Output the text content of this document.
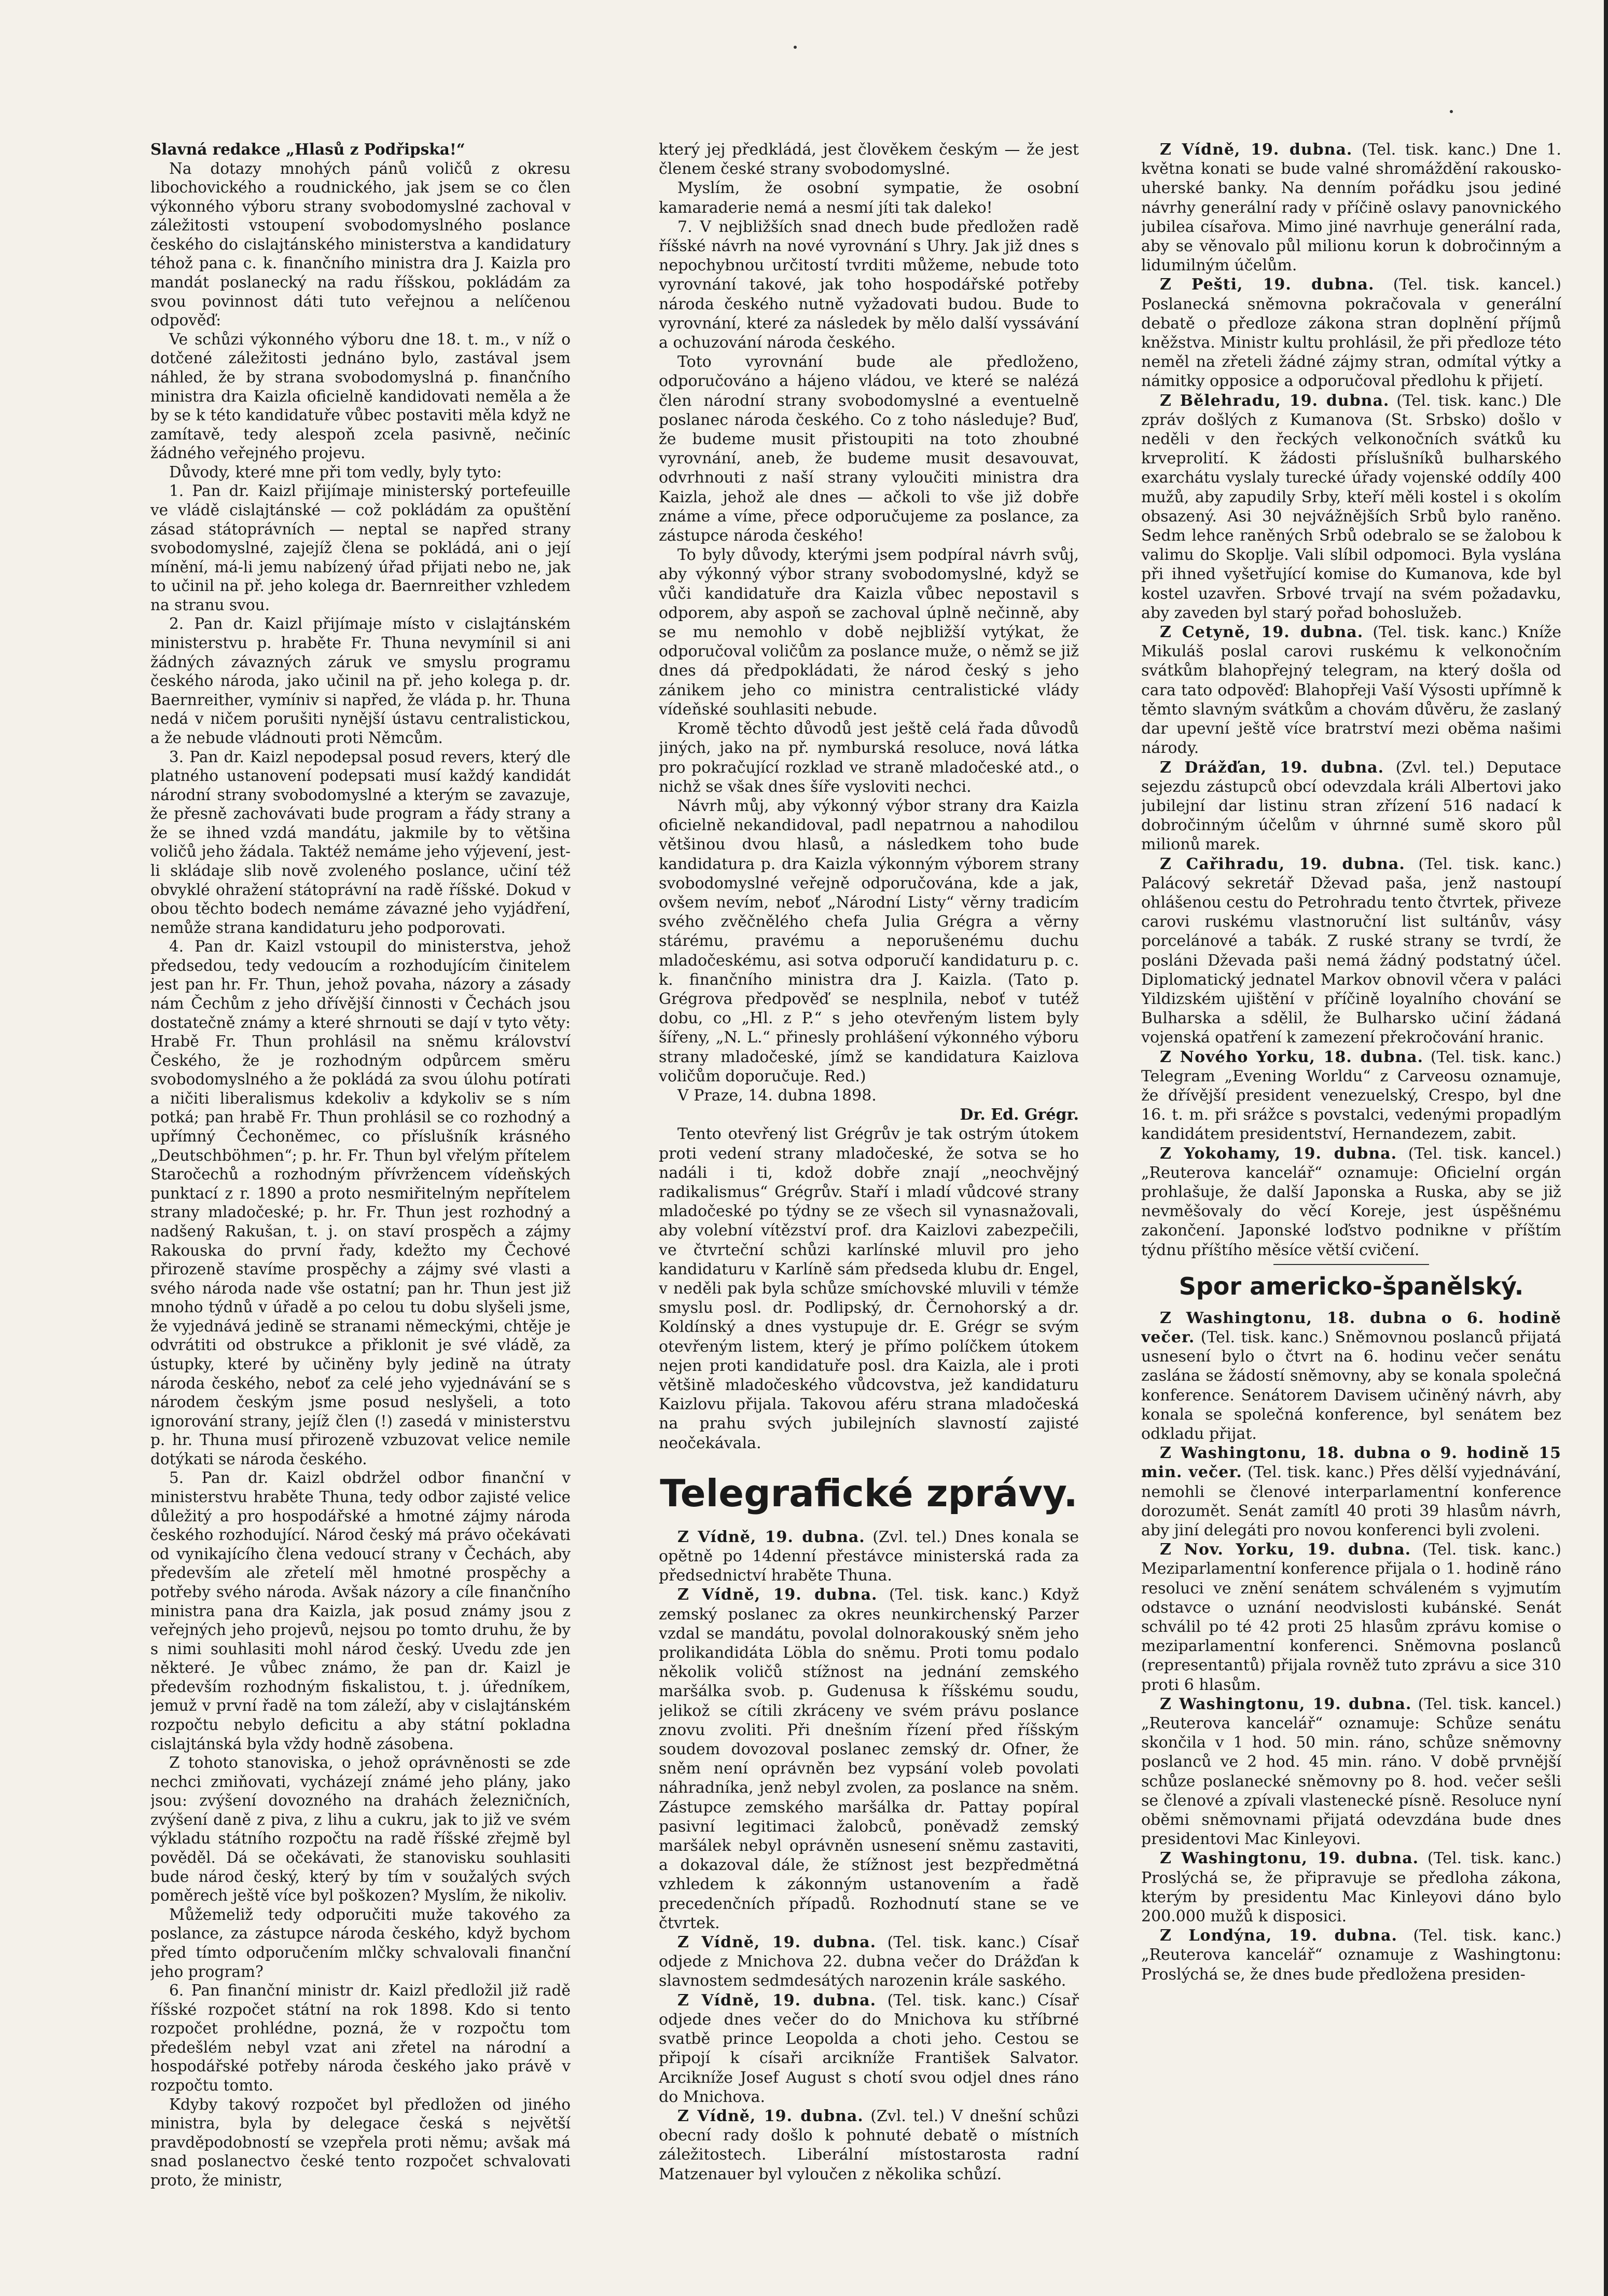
Slavná redakce „Hlasů z Podřipska!“

Na dotazy mnohých pánů voličů z okresu libochovického a roudnického, jak jsem se co člen výkonného výboru strany svobodomyslné zachoval v záležitosti vstoupení svobodomyslného poslance českého do cislajtánského ministerstva a kandidatury téhož pana c. k. finančního ministra dra J. Kaizla pro mandát poslanecký na radu říšskou, pokládám za svou povinnost dáti tuto veřejnou a nelíčenou odpověď:

Ve schůzi výkonného výboru dne 18. t. m., v níž o dotčené záležitosti jednáno bylo, zastával jsem náhled, že by strana svobodomyslná p. finančního ministra dra Kaizla oficielně kandidovati neměla a že by se k této kandidatuře vůbec postaviti měla když ne zamítavě, tedy alespoň zcela pasivně, nečiníc žádného veřejného projevu.

Důvody, které mne při tom vedly, byly tyto:

1. Pan dr. Kaizl přijímaje ministerský portefeuille ve vládě cislajtánské — což pokládám za opuštění zásad státoprávních — neptal se napřed strany svobodomyslné, zajejíž člena se pokládá, ani o její mínění, má-li jemu nabízený úřad přijati nebo ne, jak to učinil na př. jeho kolega dr. Baernreither vzhledem na stranu svou.

2. Pan dr. Kaizl přijímaje místo v cislajtánském ministerstvu p. hraběte Fr. Thuna nevymínil si ani žádných závazných záruk ve smyslu programu českého národa, jako učinil na př. jeho kolega p. dr. Baernreither, vymíniv si napřed, že vláda p. hr. Thuna nedá v ničem porušiti nynější ústavu centralistickou, a že nebude vládnouti proti Němcům.

3. Pan dr. Kaizl nepodepsal posud revers, který dle platného ustanovení podepsati musí každý kandidát národní strany svobodomyslné a kterým se zavazuje, že přesně zachovávati bude program a řády strany a že se ihned vzdá mandátu, jakmile by to většina voličů jeho žádala. Taktéž nemáme jeho výjevení, jest-li skládaje slib nově zvoleného poslance, učiní též obvyklé ohražení státoprávní na radě říšské. Dokud v obou těchto bodech nemáme závazné jeho vyjádření, nemůže strana kandidaturu jeho podporovati.

4. Pan dr. Kaizl vstoupil do ministerstva, jehož předsedou, tedy vedoucím a rozhodujícím činitelem jest pan hr. Fr. Thun, jehož povaha, názory a zásady nám Čechům z jeho dřívější činnosti v Čechách jsou dostatečně známy a které shrnouti se dají v tyto věty: Hrabě Fr. Thun prohlásil na sněmu království Českého, že je rozhodným odpůrcem směru svobodomyslného a že pokládá za svou úlohu potírati a ničiti liberalismus kdekoliv a kdykoliv se s ním potká; pan hrabě Fr. Thun prohlásil se co rozhodný a upřímný Čechoněmec, co příslušník krásného „Deutschböhmen“; p. hr. Fr. Thun byl vřelým přítelem Staročechů a rozhodným přívržencem vídeňských punktací z r. 1890 a proto nesmiřitelným nepřítelem strany mladočeské; p. hr. Fr. Thun jest rozhodný a nadšený Rakušan, t. j. on staví prospěch a zájmy Rakouska do první řady, kdežto my Čechové přirozeně stavíme prospěchy a zájmy své vlasti a svého národa nade vše ostatní; pan hr. Thun jest již mnoho týdnů v úřadě a po celou tu dobu slyšeli jsme, že vyjednává jedině se stranami německými, chtěje je odvrátiti od obstrukce a přiklonit je své vládě, za ústupky, které by učiněny byly jedině na útraty národa českého, neboť za celé jeho vyjednávání se s národem českým jsme posud neslyšeli, a toto ignorování strany, jejíž člen (!) zasedá v ministerstvu p. hr. Thuna musí přirozeně vzbuzovat velice nemile dotýkati se národa českého.

5. Pan dr. Kaizl obdržel odbor finanční v ministerstvu hraběte Thuna, tedy odbor zajisté velice důležitý a pro hospodářské a hmotné zájmy národa českého rozhodující. Národ český má právo očekávati od vynikajícího člena vedoucí strany v Čechách, aby především ale zřetelí měl hmotné prospěchy a potřeby svého národa. Avšak názory a cíle finančního ministra pana dra Kaizla, jak posud známy jsou z veřejných jeho projevů, nejsou po tomto druhu, že by s nimi souhlasiti mohl národ český. Uvedu zde jen některé. Je vůbec známo, že pan dr. Kaizl je především rozhodným fiskalistou, t. j. úředníkem, jemuž v první řadě na tom záleží, aby v cislajtánském rozpočtu nebylo deficitu a aby státní pokladna cislajtánská byla vždy hodně zásobena.

Z tohoto stanoviska, o jehož oprávněnosti se zde nechci zmiňovati, vycházejí známé jeho plány, jako jsou: zvýšení dovozného na drahách železničních, zvýšení daně z piva, z lihu a cukru, jak to již ve svém výkladu státního rozpočtu na radě říšské zřejmě byl pověděl. Dá se očekávati, že stanovisku souhlasiti bude národ český, který by tím v soužalých svých poměrech ještě více byl poškozen? Myslím, že nikoliv.

Můžemeliž tedy odporučiti muže takového za poslance, za zástupce národa českého, když bychom před tímto odporučením mlčky schvalovali finanční jeho program?

6. Pan finanční ministr dr. Kaizl předložil již radě říšské rozpočet státní na rok 1898. Kdo si tento rozpočet prohlédne, pozná, že v rozpočtu tom předešlém nebyl vzat ani zřetel na národní a hospodářské potřeby národa českého jako právě v rozpočtu tomto.

Kdyby takový rozpočet byl předložen od jiného ministra, byla by delegace česká s největší pravděpodobností se vzepřela proti němu; avšak má snad poslanectvo české tento rozpočet schvalovati proto, že ministr,

který jej předkládá, jest člověkem českým — že jest členem české strany svobodomyslné.

Myslím, že osobní sympatie, že osobní kamaraderie nemá a nesmí jíti tak daleko!

7. V nejbližších snad dnech bude předložen radě říšské návrh na nové vyrovnání s Uhry. Jak již dnes s nepochybnou určitostí tvrditi můžeme, nebude toto vyrovnání takové, jak toho hospodářské potřeby národa českého nutně vyžadovati budou. Bude to vyrovnání, které za následek by mělo další vyssávání a ochuzování národa českého.

Toto vyrovnání bude ale předloženo, odporučováno a hájeno vládou, ve které se nalézá člen národní strany svobodomyslné a eventuelně poslanec národa českého. Co z toho následuje? Buď, že budeme musit přistoupiti na toto zhoubné vyrovnání, aneb, že budeme musit desavouvat, odvrhnouti z naší strany vyloučiti ministra dra Kaizla, jehož ale dnes — ačkoli to vše již dobře známe a víme, přece odporučujeme za poslance, za zástupce národa českého!

To byly důvody, kterými jsem podpíral návrh svůj, aby výkonný výbor strany svobodomyslné, když se vůči kandidatuře dra Kaizla vůbec nepostavil s odporem, aby aspoň se zachoval úplně nečinně, aby se mu nemohlo v době nejbližší vytýkat, že odporučoval voličům za poslance muže, o němž se již dnes dá předpokládati, že národ český s jeho zánikem jeho co ministra centralistické vlády vídeňské souhlasiti nebude.

Kromě těchto důvodů jest ještě celá řada důvodů jiných, jako na př. nymburská resoluce, nová látka pro pokračující rozklad ve straně mladočeské atd., o nichž se však dnes šíře vysloviti nechci.

Návrh můj, aby výkonný výbor strany dra Kaizla oficielně nekandidoval, padl nepatrnou a nahodilou většinou dvou hlasů, a následkem toho bude kandidatura p. dra Kaizla výkonným výborem strany svobodomyslné veřejně odporučována, kde a jak, ovšem nevím, neboť „Národní Listy“ věrny tradicím svého zvěčnělého chefa Julia Grégra a věrny stárému, pravému a neporušenému duchu mladočeskému, asi sotva odporučí kandidaturu p. c. k. finančního ministra dra J. Kaizla. (Tato p. Grégrova předpověď se nesplnila, neboť v tutéž dobu, co „Hl. z P.“ s jeho otevřeným listem byly šířeny, „N. L.“ přinesly prohlášení výkonného výboru strany mladočeské, jímž se kandidatura Kaizlova voličům doporučuje. Red.)

V Praze, 14. dubna 1898.

Dr. Ed. Grégr.

Tento otevřený list Grégrův je tak ostrým útokem proti vedení strany mladočeské, že sotva se ho nadáli i ti, kdož dobře znají „neochvějný radikalismus“ Grégrův. Staří i mladí vůdcové strany mladočeské po týdny se ze všech sil vynasnažovali, aby volební vítězství prof. dra Kaizlovi zabezpečili, ve čtvrteční schůzi karlínské mluvil pro jeho kandidaturu v Karlíně sám předseda klubu dr. Engel, v neděli pak byla schůze smíchovské mluvili v témže smyslu posl. dr. Podlipský, dr. Černohorský a dr. Koldínský a dnes vystupuje dr. E. Grégr se svým otevřeným listem, který je přímo políčkem útokem nejen proti kandidatuře posl. dra Kaizla, ale i proti většině mladočeského vůdcovstva, jež kandidaturu Kaizlovu přijala. Takovou aféru strana mladočeská na prahu svých jubilejních slavností zajisté neočekávala.

Telegrafické zprávy.

Z Vídně, 19. dubna. (Zvl. tel.) Dnes konala se opětně po 14denní přestávce ministerská rada za předsednictví hraběte Thuna.

Z Vídně, 19. dubna. (Tel. tisk. kanc.) Když zemský poslanec za okres neunkirchenský Parzer vzdal se mandátu, povolal dolnorakouský sněm jeho prolikandidáta Löbla do sněmu. Proti tomu podalo několik voličů stížnost na jednání zemského maršálka svob. p. Gudenusa k říšskému soudu, jelikož se cítili zkráceny ve svém právu poslance znovu zvoliti. Při dnešním řízení před říšským soudem dovozoval poslanec zemský dr. Ofner, že sněm není oprávněn bez vypsání voleb povolati náhradníka, jenž nebyl zvolen, za poslance na sněm. Zástupce zemského maršálka dr. Pattay popíral pasivní legitimaci žalobců, poněvadž zemský maršálek nebyl oprávněn usnesení sněmu zastaviti, a dokazoval dále, že stížnost jest bezpředmětná vzhledem k zákonným ustanovením a řadě precedenčních případů. Rozhodnutí stane se ve čtvrtek.

Z Vídně, 19. dubna. (Tel. tisk. kanc.) Císař odjede z Mnichova 22. dubna večer do Drážďan k slavnostem sedmdesátých narozenin krále saského.

Z Vídně, 19. dubna. (Tel. tisk. kanc.) Císař odjede dnes večer do do Mnichova ku stříbrné svatbě prince Leopolda a choti jeho. Cestou se připojí k císaři arcikníže František Salvator. Arcikníže Josef August s chotí svou odjel dnes ráno do Mnichova.

Z Vídně, 19. dubna. (Zvl. tel.) V dnešní schůzi obecní rady došlo k pohnuté debatě o místních záležitostech. Liberální místostarosta radní Matzenauer byl vyloučen z několika schůzí.

Z Vídně, 19. dubna. (Tel. tisk. kanc.) Dne 1. května konati se bude valné shromáždění rakousko-uherské banky. Na denním pořádku jsou jediné návrhy generální rady v příčině oslavy panovnického jubilea císařova. Mimo jiné navrhuje generální rada, aby se věnovalo půl milionu korun k dobročinným a lidumilným účelům.

Z Pešti, 19. dubna. (Tel. tisk. kancel.) Poslanecká sněmovna pokračovala v generální debatě o předloze zákona stran doplnění příjmů kněžstva. Ministr kultu prohlásil, že při předloze této neměl na zřeteli žádné zájmy stran, odmítal výtky a námitky opposice a odporučoval předlohu k přijetí.

Z Bělehradu, 19. dubna. (Tel. tisk. kanc.) Dle zpráv došlých z Kumanova (St. Srbsko) došlo v neděli v den řeckých velkonočních svátků ku krveprolití. K žádosti příslušníků bulharského exarchátu vyslaly turecké úřady vojenské oddíly 400 mužů, aby zapudily Srby, kteří měli kostel i s okolím obsazený. Asi 30 nejvážnějších Srbů bylo raněno. Sedm lehce raněných Srbů odebralo se se žalobou k valimu do Skoplje. Vali slíbil odpomoci. Byla vyslána při ihned vyšetřující komise do Kumanova, kde byl kostel uzavřen. Srbové trvají na svém požadavku, aby zaveden byl starý pořad bohoslužeb.

Z Cetyně, 19. dubna. (Tel. tisk. kanc.) Kníže Mikuláš poslal carovi ruskému k velkonočním svátkům blahopřejný telegram, na který došla od cara tato odpověď: Blahopřeji Vaší Výsosti upřímně k těmto slavným svátkům a chovám důvěru, že zaslaný dar upevní ještě více bratrství mezi oběma našimi národy.

Z Drážďan, 19. dubna. (Zvl. tel.) Deputace sejezdu zástupců obcí odevzdala králi Albertovi jako jubilejní dar listinu stran zřízení 516 nadací k dobročinným účelům v úhrnné sumě skoro půl milionů marek.

Z Cařihradu, 19. dubna. (Tel. tisk. kanc.) Palácový sekretář Dževad paša, jenž nastoupí ohlášenou cestu do Petrohradu tento čtvrtek, přiveze carovi ruskému vlastnoruční list sultánův, vásy porcelánové a tabák. Z ruské strany se tvrdí, že posláni Dževada paši nemá žádný podstatný účel. Diplomatický jednatel Markov obnovil včera v paláci Yildizském ujištění v příčině loyalního chování se Bulharska a sdělil, že Bulharsko učiní žádaná vojenská opatření k zamezení překročování hranic.

Z Nového Yorku, 18. dubna. (Tel. tisk. kanc.) Telegram „Evening Worldu“ z Carveosu oznamuje, že dřívější president venezuelský, Crespo, byl dne 16. t. m. při srážce s povstalci, vedenými propadlým kandidátem presidentství, Hernandezem, zabit.

Z Yokohamy, 19. dubna. (Tel. tisk. kancel.) „Reuterova kancelář“ oznamuje: Oficielní orgán prohlašuje, že další Japonska a Ruska, aby se již nevměšovaly do věcí Koreje, jest úspěšnému zakončení. Japonské loďstvo podnikne v příštím týdnu příštího měsíce větší cvičení.

Spor americko-španělský.

Z Washingtonu, 18. dubna o 6. hodině večer. (Tel. tisk. kanc.) Sněmovnou poslanců přijatá usnesení bylo o čtvrt na 6. hodinu večer senátu zaslána se žádostí sněmovny, aby se konala společná konference. Senátorem Davisem učiněný návrh, aby konala se společná konference, byl senátem bez odkladu přijat.

Z Washingtonu, 18. dubna o 9. hodině 15 min. večer. (Tel. tisk. kanc.) Přes dělší vyjednávání, nemohli se členové interparlamentní konference dorozumět. Senát zamítl 40 proti 39 hlasům návrh, aby jiní delegáti pro novou konferenci byli zvoleni.

Z Nov. Yorku, 19. dubna. (Tel. tisk. kanc.) Meziparlamentní konference přijala o 1. hodině ráno resoluci ve znění senátem schváleném s vyjmutím odstavce o uznání neodvislosti kubánské. Senát schválil po té 42 proti 25 hlasům zprávu komise o meziparlamentní konferenci. Sněmovna poslanců (representantů) přijala rovněž tuto zprávu a sice 310 proti 6 hlasům.

Z Washingtonu, 19. dubna. (Tel. tisk. kancel.) „Reuterova kancelář“ oznamuje: Schůze senátu skončila v 1 hod. 50 min. ráno, schůze sněmovny poslanců ve 2 hod. 45 min. ráno. V době prvnější schůze poslanecké sněmovny po 8. hod. večer sešli se členové a zpívali vlastenecké písně. Resoluce nyní oběmi sněmovnami přijatá odevzdána bude dnes presidentovi Mac Kinleyovi.

Z Washingtonu, 19. dubna. (Tel. tisk. kanc.) Proslýchá se, že připravuje se předloha zákona, kterým by presidentu Mac Kinleyovi dáno bylo 200.000 mužů k disposici.

Z Londýna, 19. dubna. (Tel. tisk. kanc.) „Reuterova kancelář“ oznamuje z Washingtonu: Proslýchá se, že dnes bude předložena presiden-
